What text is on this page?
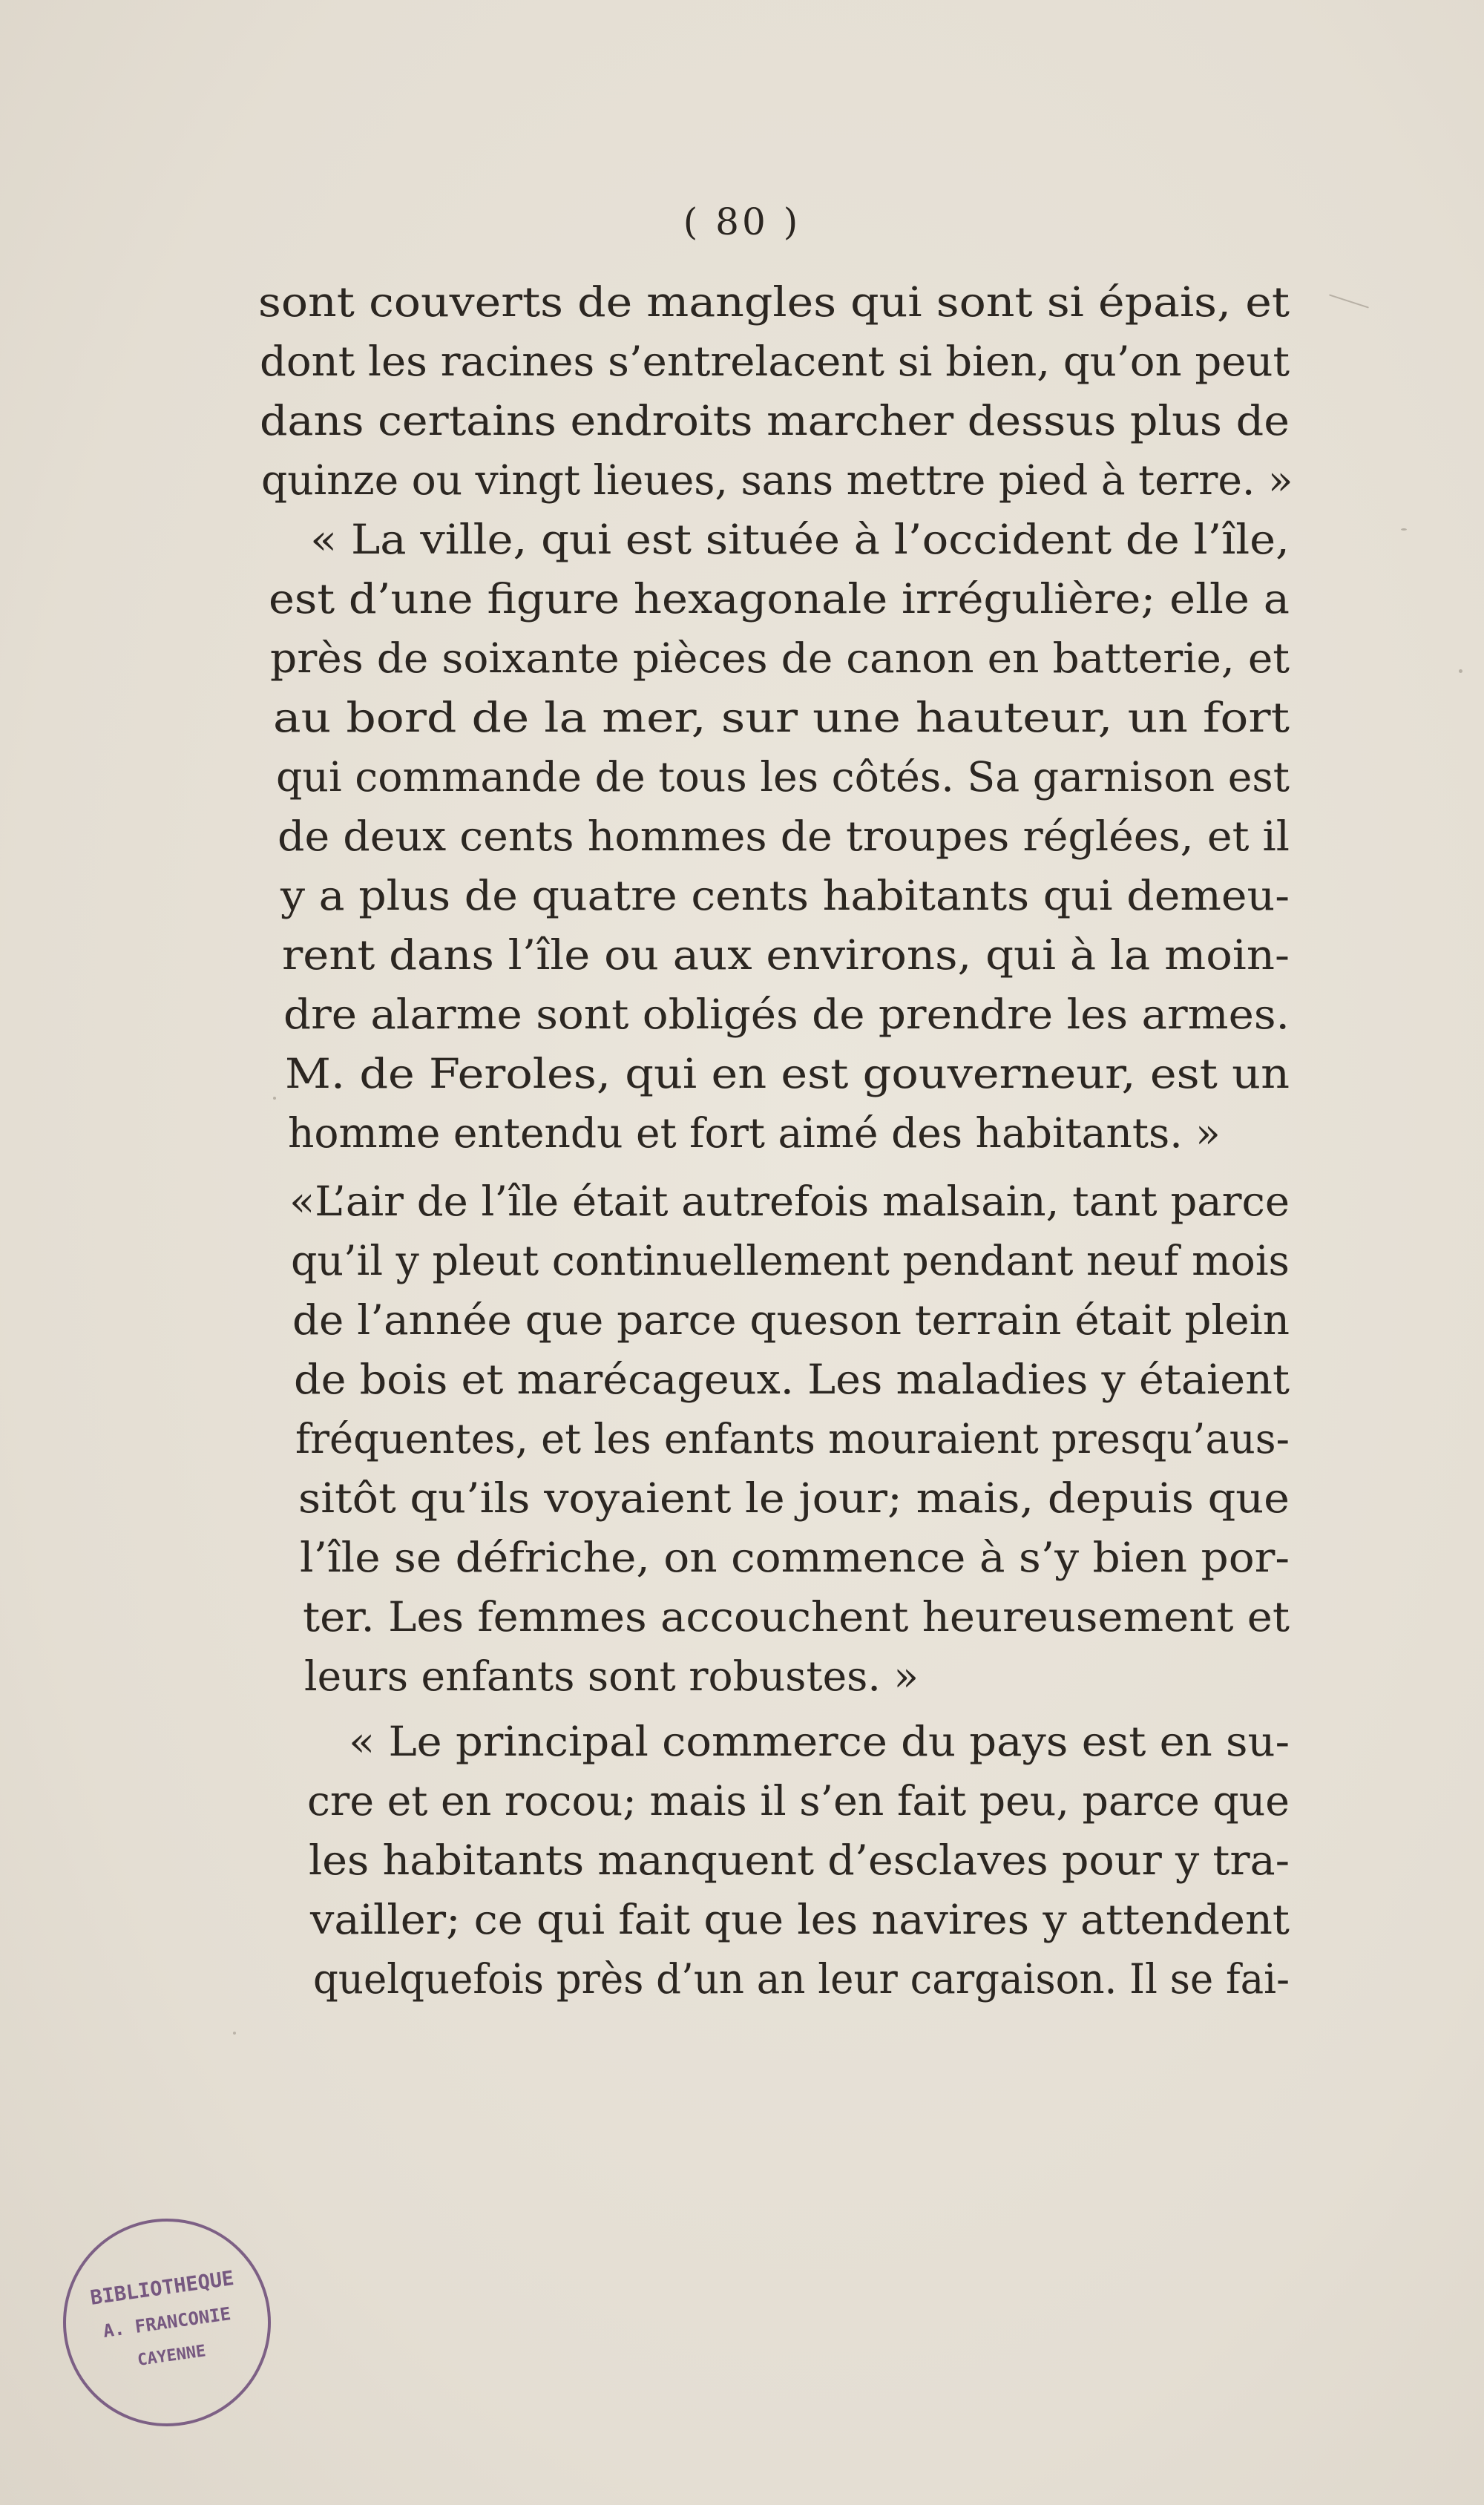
( 80 )
sont couverts de mangles qui sont si épais, et
dont les racines s’entrelacent si bien, qu’on peut
dans certains endroits marcher dessus plus de
quinze ou vingt lieues, sans mettre pied à terre. »
« La ville, qui est située à l’occident de l’île,
est d’une figure hexagonale irrégulière; elle a
près de soixante pièces de canon en batterie, et
au bord de la mer, sur une hauteur, un fort
qui commande de tous les côtés. Sa garnison est
de deux cents hommes de troupes réglées, et il
y a plus de quatre cents habitants qui demeu-
rent dans l’île ou aux environs, qui à la moin-
dre alarme sont obligés de prendre les armes.
M. de Feroles, qui en est gouverneur, est un
homme entendu et fort aimé des habitants. »
«L’air de l’île était autrefois malsain, tant parce
qu’il y pleut continuellement pendant neuf mois
de l’année que parce queson terrain était plein
de bois et marécageux. Les maladies y étaient
fréquentes, et les enfants mouraient presqu’aus-
sitôt qu’ils voyaient le jour; mais, depuis que
l’île se défriche, on commence à s’y bien por-
ter. Les femmes accouchent heureusement et
leurs enfants sont robustes. »
« Le principal commerce du pays est en su-
cre et en rocou; mais il s’en fait peu, parce que
les habitants manquent d’esclaves pour y tra-
vailler; ce qui fait que les navires y attendent
quelquefois près d’un an leur cargaison. Il se fai-
BIBLIOTHEQUE
A. FRANCONIE
CAYENNE
